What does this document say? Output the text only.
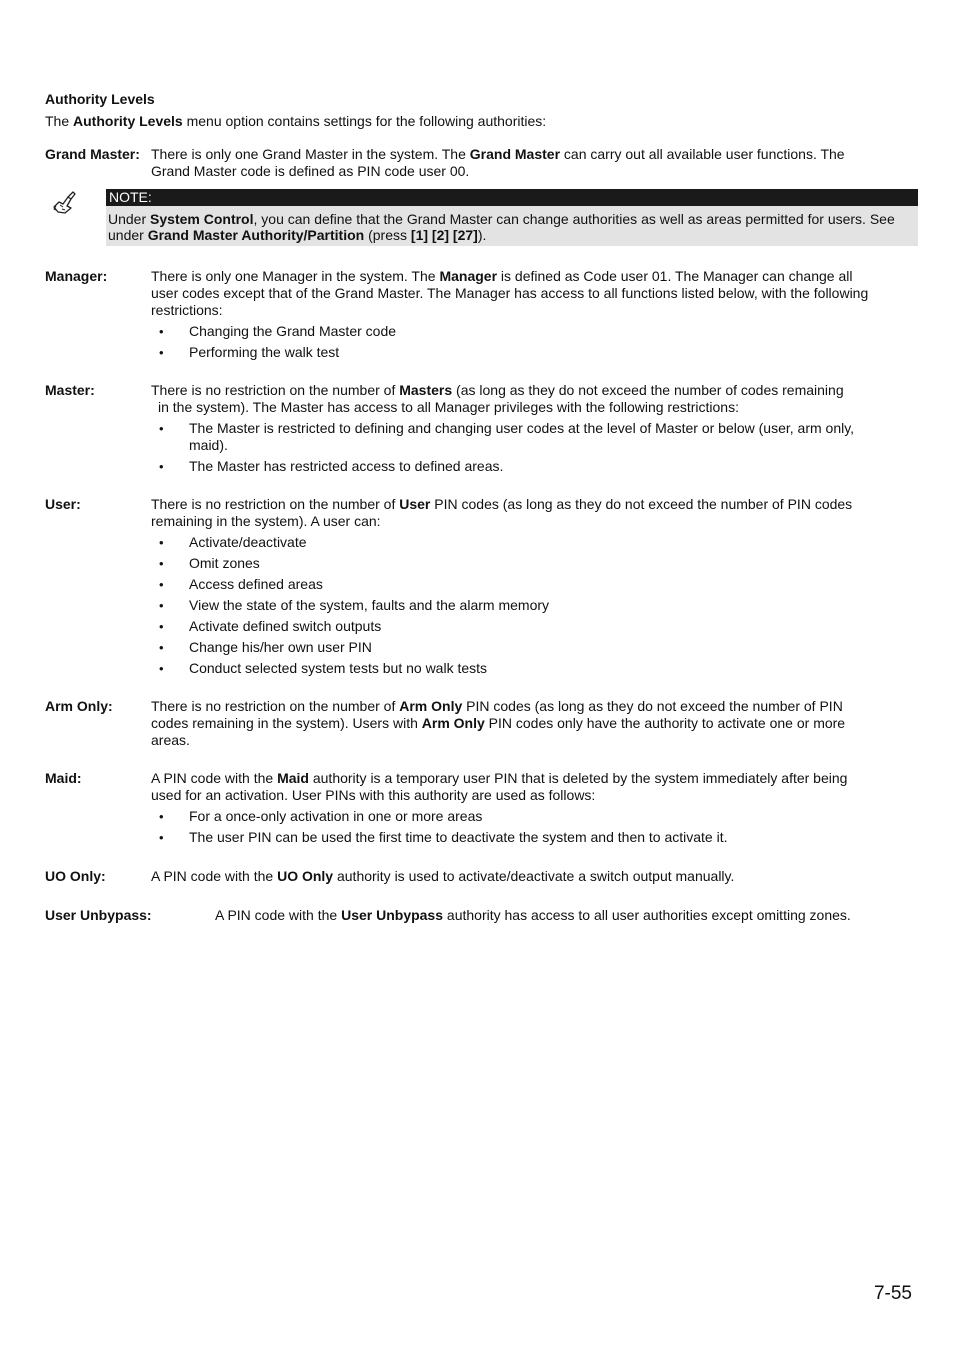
Authority Levels
The Authority Levels menu option contains settings for the following authorities:
Grand Master: There is only one Grand Master in the system. The Grand Master can carry out all available user functions. The Grand Master code is defined as PIN code user 00.

NOTE:

Under System Control, you can define that the Grand Master can change authorities as well as areas permitted for users. See under Grand Master Authority/Partition (press [1] [2] [27]).

Manager:	There is only one Manager in the system. The Manager is defined as Code user 01. The Manager can change all user codes except that of the Grand Master. The Manager has access to all functions listed below, with the following restrictions:

• Changing the Grand Master code
• Performing the walk test
Master:	There is no restriction on the number of Masters (as long as they do not exceed the number of codes remaining

in the system). The Master has access to all Manager privileges with the following restrictions:

• The Master is restricted to defining and changing user codes at the level of Master or below (user, arm only, maid).
• The Master has restricted access to defined areas.
User:	There is no restriction on the number of User PIN codes (as long as they do not exceed the number of PIN codes remaining in the system). A user can:

• Activate/deactivate
• Omit zones
• Access defined areas
• View the state of the system, faults and the alarm memory
• Activate defined switch outputs
• Change his/her own user PIN
• Conduct selected system tests but no walk tests
Arm Only:	There is no restriction on the number of Arm Only PIN codes (as long as they do not exceed the number of PIN codes remaining in the system). Users with Arm Only PIN codes only have the authority to activate one or more areas.

Maid:	A PIN code with the Maid authority is a temporary user PIN that is deleted by the system immediately after being used for an activation. User PINs with this authority are used as follows:

• For a once-only activation in one or more areas
• The user PIN can be used the first time to deactivate the system and then to activate it.
UO Only:	A PIN code with the UO Only authority is used to activate/deactivate a switch output manually.

User Unbypass:	A PIN code with the User Unbypass authority has access to all user authorities except omitting zones.
7-55
